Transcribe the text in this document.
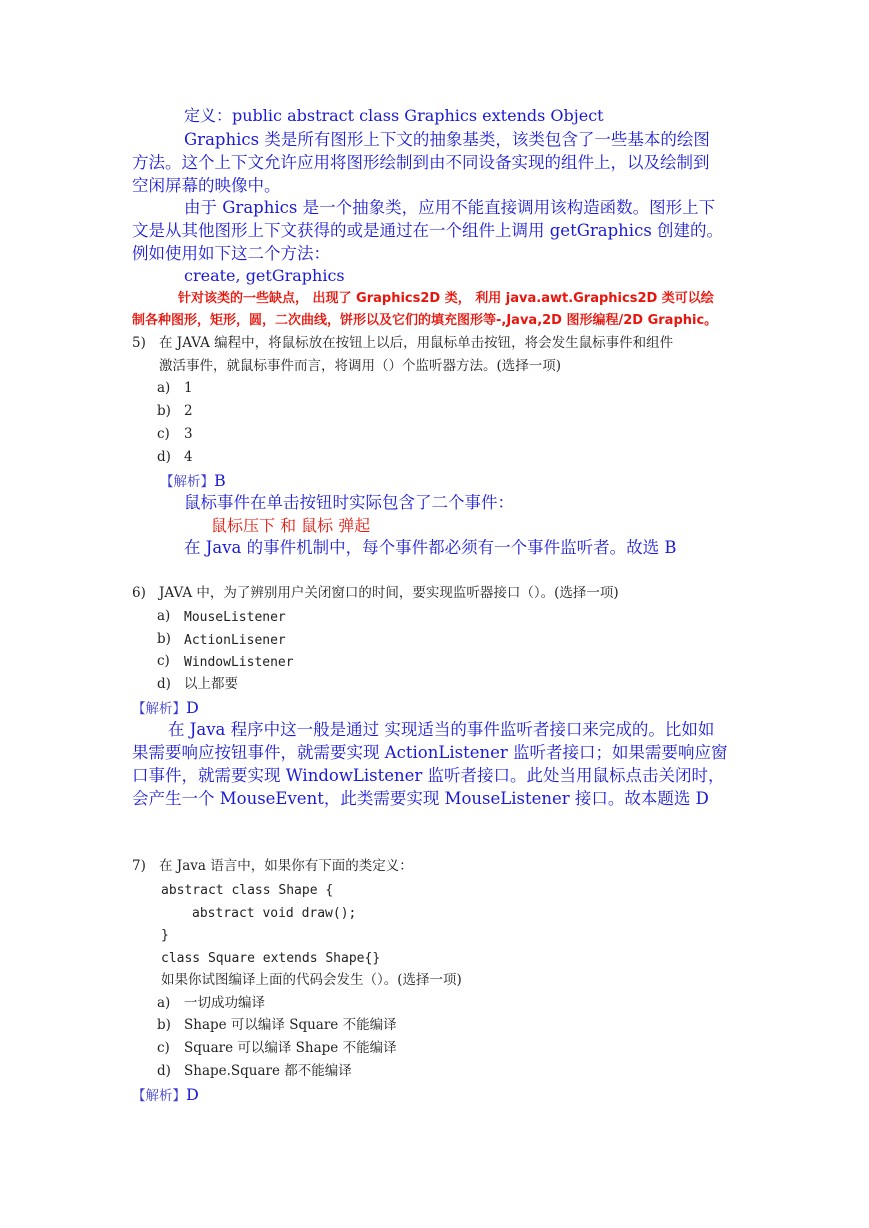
定义：public abstract class Graphics extends Object
Graphics 类是所有图形上下文的抽象基类，该类包含了一些基本的绘图
方法。这个上下文允许应用将图形绘制到由不同设备实现的组件上，以及绘制到
空闲屏幕的映像中。
由于 Graphics 是一个抽象类，应用不能直接调用该构造函数。图形上下
文是从其他图形上下文获得的或是通过在一个组件上调用 getGraphics 创建的。
例如使用如下这二个方法：
create, getGraphics
针对该类的一些缺点， 出现了 Graphics2D 类， 利用 java.awt.Graphics2D 类可以绘
制各种图形，矩形，圆，二次曲线，饼形以及它们的填充图形等-,Java,2D 图形编程/2D Graphic。
5) 在 JAVA 编程中，将鼠标放在按钮上以后，用鼠标单击按钮，将会发生鼠标事件和组件
激活事件，就鼠标事件而言，将调用（）个监听器方法。(选择一项)
a) 1
b) 2
c) 3
d) 4
【解析】B
鼠标事件在单击按钮时实际包含了二个事件：
鼠标压下 和 鼠标 弹起
在 Java 的事件机制中，每个事件都必须有一个事件监听者。故选 B
6) JAVA 中，为了辨别用户关闭窗口的时间，要实现监听器接口（）。(选择一项)
a) MouseListener
b) ActionLisener
c) WindowListener
d) 以上都要
【解析】D
在 Java 程序中这一般是通过 实现适当的事件监听者接口来完成的。比如如
果需要响应按钮事件，就需要实现 ActionListener 监听者接口；如果需要响应窗
口事件，就需要实现 WindowListener 监听者接口。此处当用鼠标点击关闭时，
会产生一个 MouseEvent，此类需要实现 MouseListener 接口。故本题选 D
7) 在 Java 语言中，如果你有下面的类定义：
abstract class Shape {
abstract void draw();
}
class Square extends Shape{}
如果你试图编译上面的代码会发生（）。(选择一项)
a) 一切成功编译
b) Shape 可以编译 Square 不能编译
c) Square 可以编译 Shape 不能编译
d) Shape.Square 都不能编译
【解析】D
